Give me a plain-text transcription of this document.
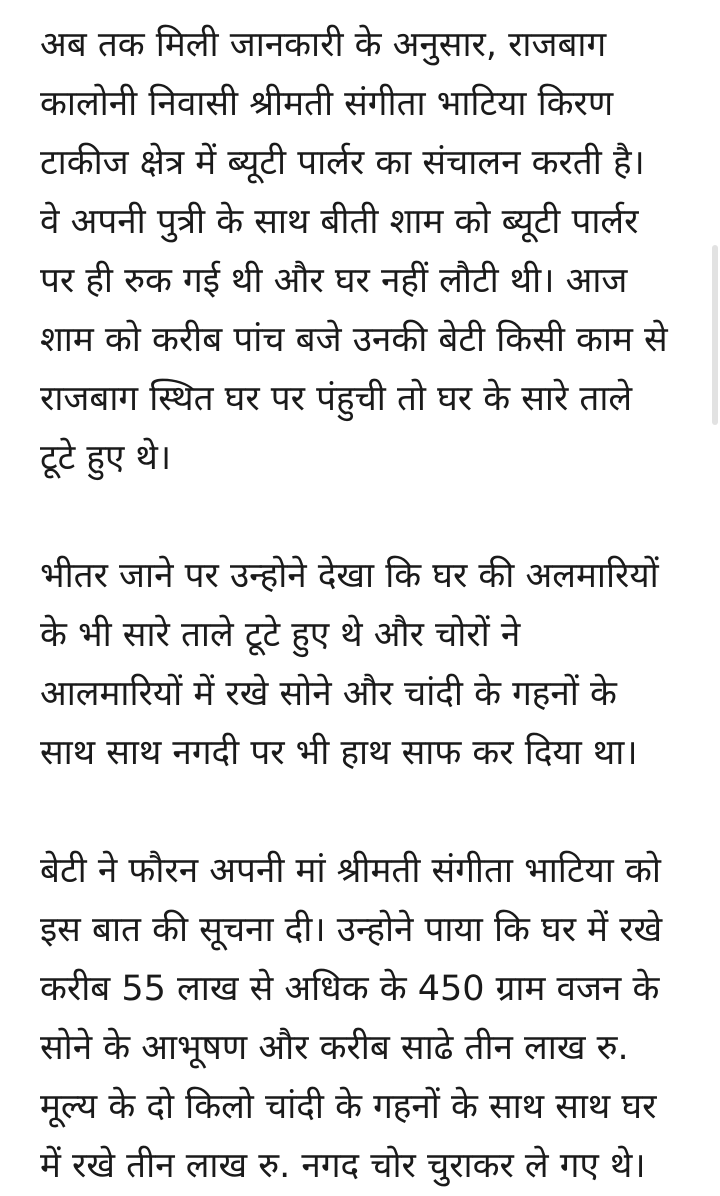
अब तक मिली जानकारी के अनुसार, राजबाग
कालोनी निवासी श्रीमती संगीता भाटिया किरण
टाकीज क्षेत्र में ब्यूटी पार्लर का संचालन करती है।
वे अपनी पुत्री के साथ बीती शाम को ब्यूटी पार्लर
पर ही रुक गई थी और घर नहीं लौटी थी। आज
शाम को करीब पांच बजे उनकी बेटी किसी काम से
राजबाग स्थित घर पर पंहुची तो घर के सारे ताले
टूटे हुए थे।

भीतर जाने पर उन्होने देखा कि घर की अलमारियों
के भी सारे ताले टूटे हुए थे और चोरों ने
आलमारियों में रखे सोने और चांदी के गहनों के
साथ साथ नगदी पर भी हाथ साफ कर दिया था।

बेटी ने फौरन अपनी मां श्रीमती संगीता भाटिया को
इस बात की सूचना दी। उन्होने पाया कि घर में रखे
करीब 55 लाख से अधिक के 450 ग्राम वजन के
सोने के आभूषण और करीब साढे तीन लाख रु.
मूल्य के दो किलो चांदी के गहनों के साथ साथ घर
में रखे तीन लाख रु. नगद चोर चुराकर ले गए थे।
